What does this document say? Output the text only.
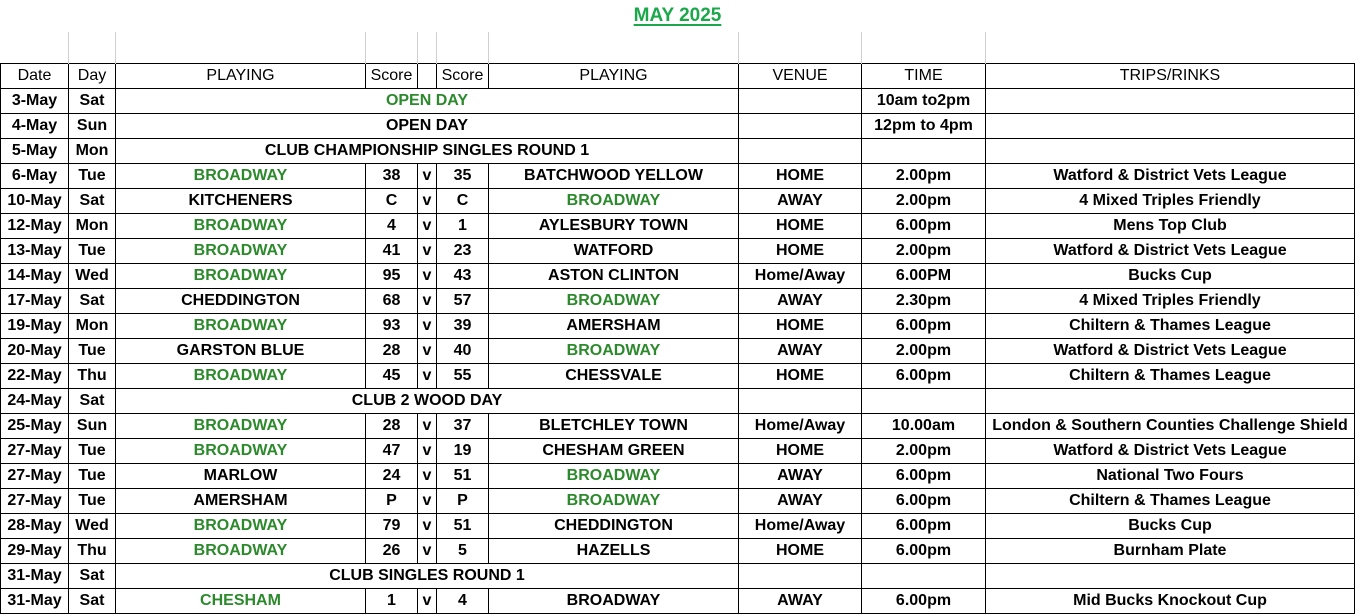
MAY 2025

Date	Day	PLAYING	Score		Score	PLAYING	VENUE	TIME	TRIPS/RINKS
3-May	Sat	OPEN DAY						10am to2pm	
4-May	Sun	OPEN DAY						12pm to 4pm	
5-May	Mon	CLUB CHAMPIONSHIP SINGLES ROUND 1							
6-May	Tue	BROADWAY	38	v	35	BATCHWOOD YELLOW	HOME	2.00pm	Watford & District Vets League
10-May	Sat	KITCHENERS	C	v	C	BROADWAY	AWAY	2.00pm	4 Mixed Triples Friendly
12-May	Mon	BROADWAY	4	v	1	AYLESBURY TOWN	HOME	6.00pm	Mens Top Club
13-May	Tue	BROADWAY	41	v	23	WATFORD	HOME	2.00pm	Watford & District Vets League
14-May	Wed	BROADWAY	95	v	43	ASTON CLINTON	Home/Away	6.00PM	Bucks Cup
17-May	Sat	CHEDDINGTON	68	v	57	BROADWAY	AWAY	2.30pm	4 Mixed Triples Friendly
19-May	Mon	BROADWAY	93	v	39	AMERSHAM	HOME	6.00pm	Chiltern & Thames League
20-May	Tue	GARSTON BLUE	28	v	40	BROADWAY	AWAY	2.00pm	Watford & District Vets League
22-May	Thu	BROADWAY	45	v	55	CHESSVALE	HOME	6.00pm	Chiltern & Thames League
24-May	Sat	CLUB 2 WOOD DAY							
25-May	Sun	BROADWAY	28	v	37	BLETCHLEY TOWN	Home/Away	10.00am	London & Southern Counties Challenge Shield
27-May	Tue	BROADWAY	47	v	19	CHESHAM GREEN	HOME	2.00pm	Watford & District Vets League
27-May	Tue	MARLOW	24	v	51	BROADWAY	AWAY	6.00pm	National Two Fours
27-May	Tue	AMERSHAM	P	v	P	BROADWAY	AWAY	6.00pm	Chiltern & Thames League
28-May	Wed	BROADWAY	79	v	51	CHEDDINGTON	Home/Away	6.00pm	Bucks Cup
29-May	Thu	BROADWAY	26	v	5	HAZELLS	HOME	6.00pm	Burnham Plate
31-May	Sat	CLUB SINGLES ROUND 1							
31-May	Sat	CHESHAM	1	v	4	BROADWAY	AWAY	6.00pm	Mid Bucks Knockout Cup
